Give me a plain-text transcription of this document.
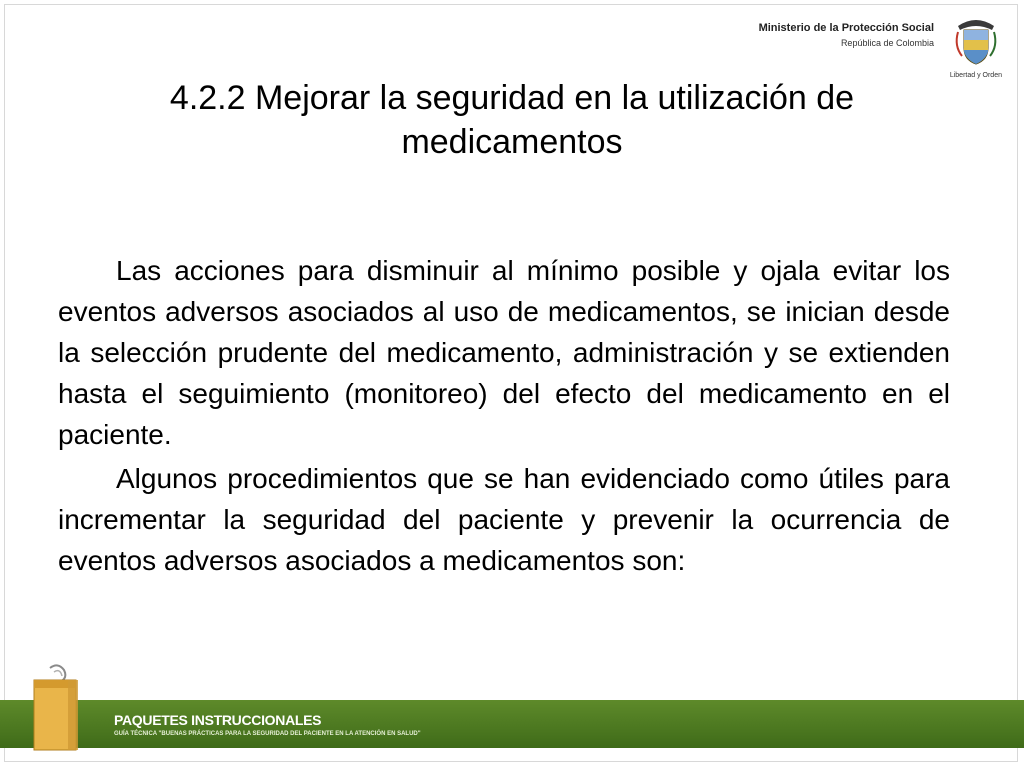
Ministerio de la Protección Social
República de Colombia
Libertad y Orden
4.2.2 Mejorar la seguridad en la utilización de
medicamentos

Las acciones para disminuir al mínimo posible y ojala evitar los eventos adversos asociados al uso de medicamentos, se inician desde la selección prudente del medicamento, administración y se extienden hasta el seguimiento (monitoreo) del efecto del medicamento en el paciente.

Algunos procedimientos que se han evidenciado como útiles para incrementar la seguridad del paciente y prevenir la ocurrencia de eventos adversos asociados a medicamentos son:

PAQUETES INSTRUCCIONALES
GUÍA TÉCNICA "BUENAS PRÁCTICAS PARA LA SEGURIDAD DEL PACIENTE EN LA ATENCIÓN EN SALUD"
